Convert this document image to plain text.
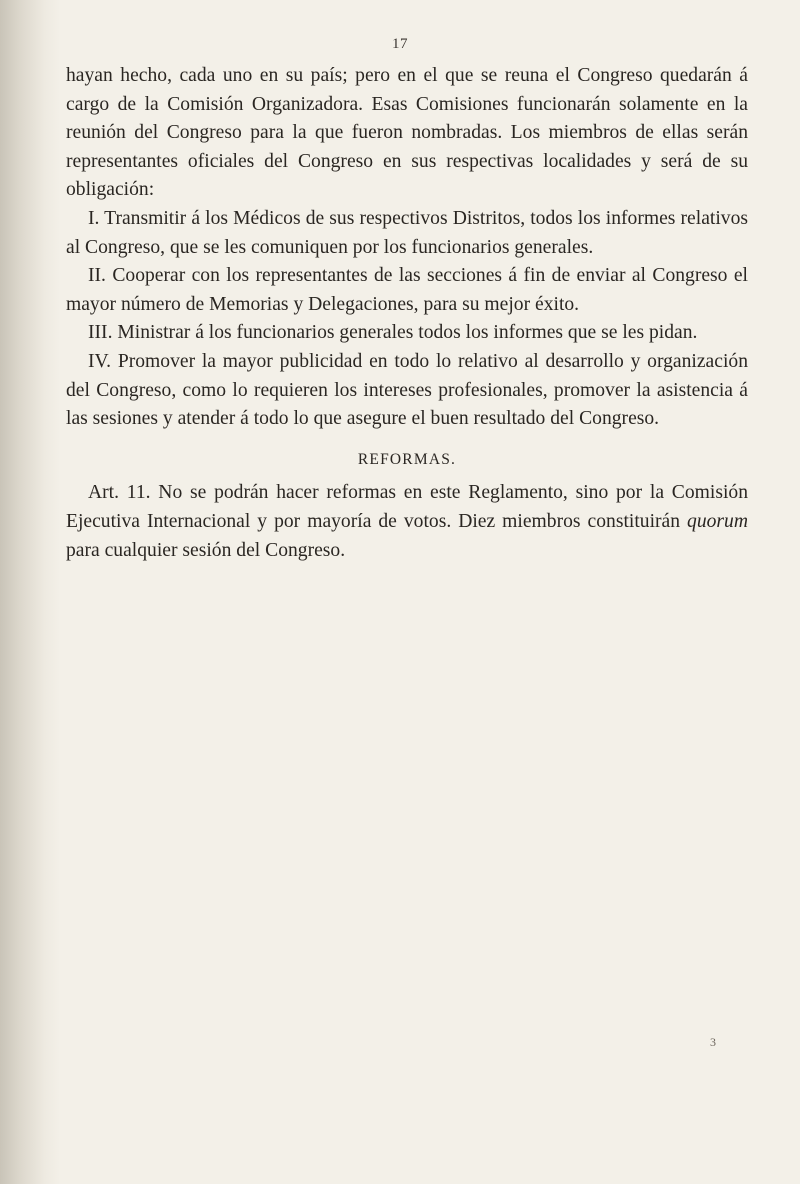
17

hayan hecho, cada uno en su país; pero en el que se reuna el Congreso quedarán á cargo de la Comisión Organizadora. Esas Comisiones funcionarán solamente en la reunión del Congreso para la que fueron nombradas. Los miembros de ellas serán representantes oficiales del Congreso en sus respectivas localidades y será de su obligación:

I. Transmitir á los Médicos de sus respectivos Distritos, todos los informes relativos al Congreso, que se les comuniquen por los funcionarios generales.

II. Cooperar con los representantes de las secciones á fin de enviar al Congreso el mayor número de Memorias y Delegaciones, para su mejor éxito.

III. Ministrar á los funcionarios generales todos los informes que se les pidan.

IV. Promover la mayor publicidad en todo lo relativo al desarrollo y organización del Congreso, como lo requieren los intereses profesionales, promover la asistencia á las sesiones y atender á todo lo que asegure el buen resultado del Congreso.

REFORMAS.

Art. 11. No se podrán hacer reformas en este Reglamento, sino por la Comisión Ejecutiva Internacional y por mayoría de votos. Diez miembros constituirán quorum para cualquier sesión del Congreso.

3
